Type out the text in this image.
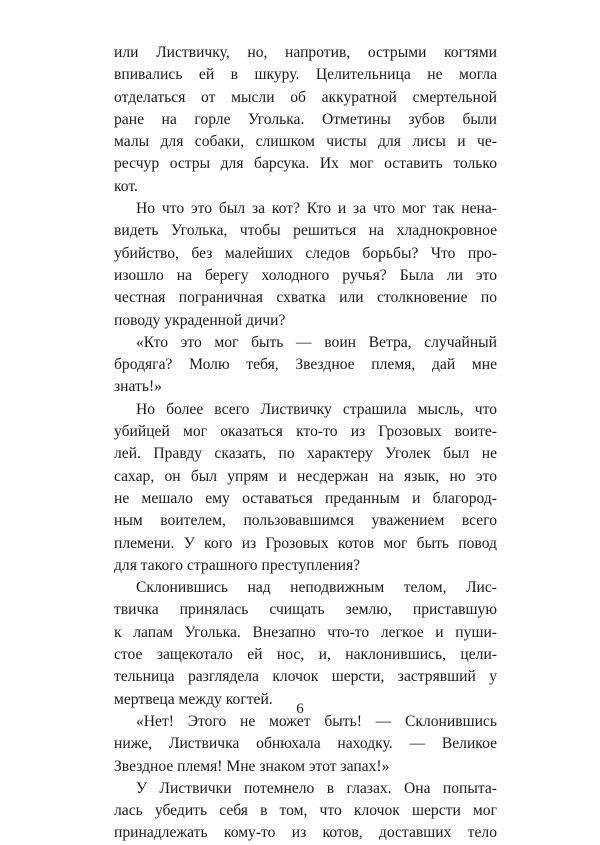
или Листвичку, но, напротив, острыми когтями
впивались ей в шкуру. Целительница не могла
отделаться от мысли об аккуратной смертельной
ране на горле Уголька. Отметины зубов были
малы для собаки, слишком чисты для лисы и че-
ресчур остры для барсука. Их мог оставить только
кот.
Но что это был за кот? Кто и за что мог так нена-
видеть Уголька, чтобы решиться на хладнокровное
убийство, без малейших следов борьбы? Что про-
изошло на берегу холодного ручья? Была ли это
честная пограничная схватка или столкновение по
поводу украденной дичи?
«Кто это мог быть — воин Ветра, случайный
бродяга? Молю тебя, Звездное племя, дай мне
знать!»
Но более всего Листвичку страшила мысль, что
убийцей мог оказаться кто-то из Грозовых воите-
лей. Правду сказать, по характеру Уголек был не
сахар, он был упрям и несдержан на язык, но это
не мешало ему оставаться преданным и благород-
ным воителем, пользовавшимся уважением всего
племени. У кого из Грозовых котов мог быть повод
для такого страшного преступления?
Склонившись над неподвижным телом, Лис-
твичка принялась счищать землю, приставшую
к лапам Уголька. Внезапно что-то легкое и пуши-
стое защекотало ей нос, и, наклонившись, цели-
тельница разглядела клочок шерсти, застрявший у
мертвеца между когтей.
«Нет! Этого не может быть! — Склонившись
ниже, Листвичка обнюхала находку. — Великое
Звездное племя! Мне знаком этот запах!»
У Листвички потемнело в глазах. Она попыта-
лась убедить себя в том, что клочок шерсти мог
принадлежать кому-то из котов, доставших тело
6
